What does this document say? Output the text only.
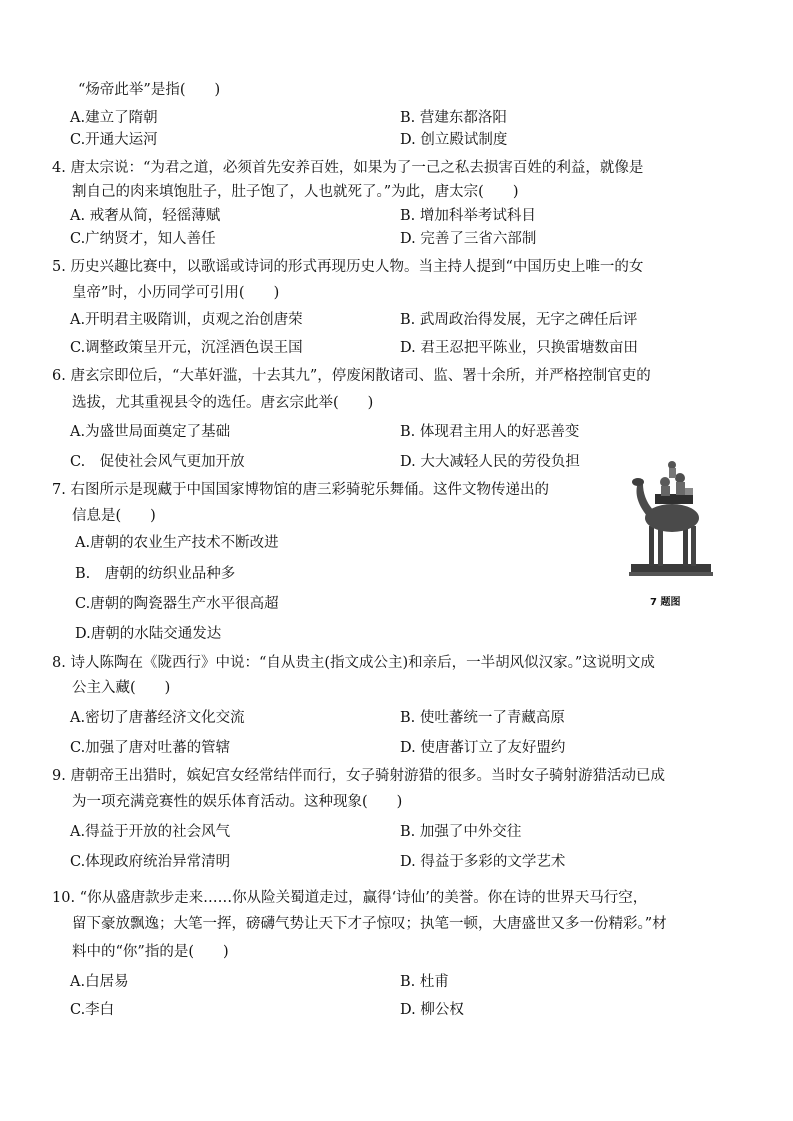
“炀帝此举”是指(　　)
A.建立了隋朝	B. 营建东都洛阳
C.开通大运河	D. 创立殿试制度
4. 唐太宗说：“为君之道，必须首先安养百姓，如果为了一己之私去损害百姓的利益，就像是
割自己的肉来填饱肚子，肚子饱了，人也就死了。”为此，唐太宗(　　)
A. 戒奢从简，轻徭薄赋	B. 增加科举考试科目
C.广纳贤才，知人善任	D. 完善了三省六部制
5. 历史兴趣比赛中，以歌谣或诗词的形式再现历史人物。当主持人提到“中国历史上唯一的女
皇帝”时，小历同学可引用(　　)
A.开明君主吸隋训，贞观之治创唐荣	B. 武周政治得发展，无字之碑任后评
C.调整政策呈开元，沉淫酒色误王国	D. 君王忍把平陈业，只换雷塘数亩田
6. 唐玄宗即位后，“大革奸滥，十去其九”，停废闲散诸司、监、署十余所，并严格控制官吏的
选拔，尤其重视县令的选任。唐玄宗此举(　　)
A.为盛世局面奠定了基础	B. 体现君主用人的好恶善变
C.　促使社会风气更加开放	D. 大大减轻人民的劳役负担
7. 右图所示是现藏于中国国家博物馆的唐三彩骑驼乐舞俑。这件文物传递出的
信息是(　　)
A.唐朝的农业生产技术不断改进
B.　唐朝的纺织业品种多
C.唐朝的陶瓷器生产水平很高超
D.唐朝的水陆交通发达
7 题图
8. 诗人陈陶在《陇西行》中说：“自从贵主(指文成公主)和亲后，一半胡风似汉家。”这说明文成
公主入藏(　　)
A.密切了唐蕃经济文化交流	B. 使吐蕃统一了青藏高原
C.加强了唐对吐蕃的管辖	D. 使唐蕃订立了友好盟约
9. 唐朝帝王出猎时，嫔妃宫女经常结伴而行，女子骑射游猎的很多。当时女子骑射游猎活动已成
为一项充满竞赛性的娱乐体育活动。这种现象(　　)
A.得益于开放的社会风气	B. 加强了中外交往
C.体现政府统治异常清明	D. 得益于多彩的文学艺术
10. “你从盛唐款步走来……你从险关蜀道走过，赢得‘诗仙’的美誉。你在诗的世界天马行空，
留下豪放飘逸；大笔一挥，磅礴气势让天下才子惊叹；执笔一顿，大唐盛世又多一份精彩。”材
料中的“你”指的是(　　)
A.白居易	B. 杜甫
C.李白	D. 柳公权
